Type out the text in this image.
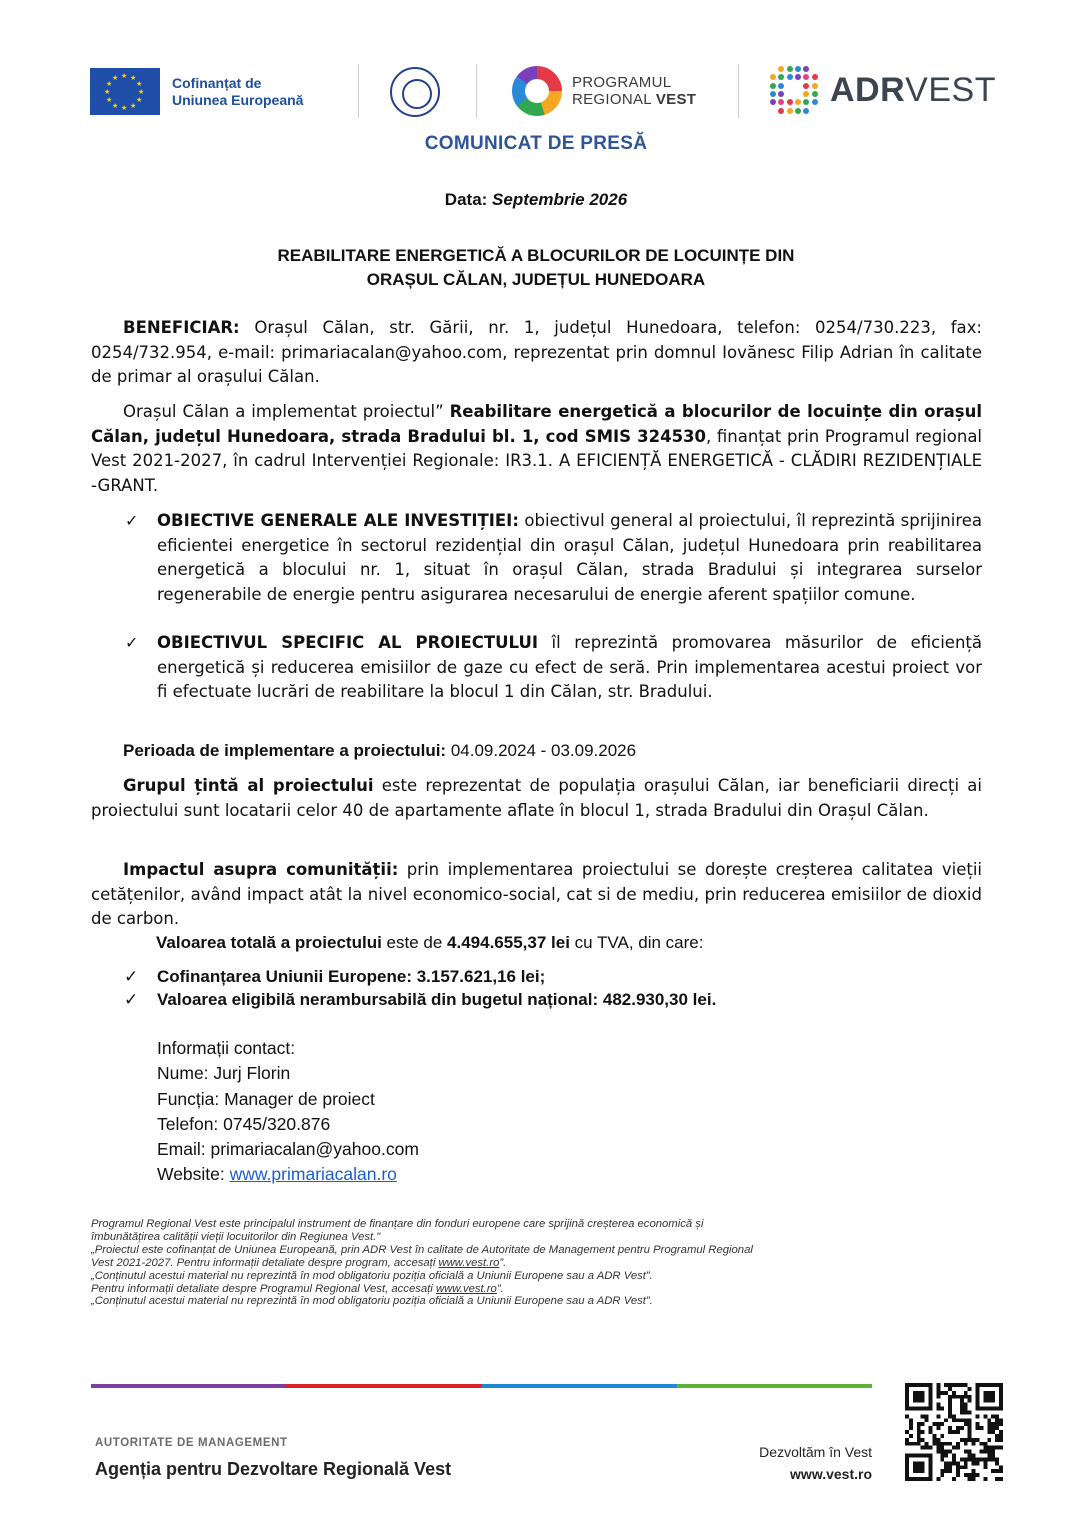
★ ★
★
★
★
★
★
★
★
★
★
★	Cofinanțat de
Uniunea Europeană
PROGRAMUL
REGIONAL VEST	ADRVEST
COMUNICAT DE PRESĂ
Data: Septembrie 2026
REABILITARE ENERGETICĂ A BLOCURILOR DE LOCUINȚE DIN
ORAȘUL CĂLAN, JUDEȚUL HUNEDOARA

BENEFICIAR: Orașul Călan, str. Gării, nr. 1, județul Hunedoara, telefon: 0254/730.223, fax: 0254/732.954, e-mail: primariacalan@yahoo.com, reprezentat prin domnul Iovănesc Filip Adrian în calitate de primar al orașului Călan.

Orașul Călan a implementat proiectul” Reabilitare energetică a blocurilor de locuințe din orașul Călan, județul Hunedoara, strada Bradului bl. 1, cod SMIS 324530, finanțat prin Programul regional Vest 2021-2027, în cadrul Intervenției Regionale: IR3.1. A EFICIENȚĂ ENERGETICĂ - CLĂDIRI REZIDENȚIALE -GRANT.

✓ OBIECTIVE GENERALE ALE INVESTIȚIEI: obiectivul general al proiectului, îl reprezintă sprijinirea eficientei energetice în sectorul rezidențial din orașul Călan, județul Hunedoara prin reabilitarea energetică a blocului nr. 1, situat în orașul Călan, strada Bradului și integrarea surselor regenerabile de energie pentru asigurarea necesarului de energie aferent spațiilor comune.
✓ OBIECTIVUL SPECIFIC AL PROIECTULUI îl reprezintă promovarea măsurilor de eficiență energetică și reducerea emisiilor de gaze cu efect de seră. Prin implementarea acestui proiect vor fi efectuate lucrări de reabilitare la blocul 1 din Călan, str. Bradului.
Perioada de implementare a proiectului: 04.09.2024 - 03.09.2026

Grupul țintă al proiectului este reprezentat de populația orașului Călan, iar beneficiarii direcți ai proiectului sunt locatarii celor 40 de apartamente aflate în blocul 1, strada Bradului din Orașul Călan.

Impactul asupra comunității: prin implementarea proiectului se dorește creșterea calitatea vieții cetățenilor, având impact atât la nivel economico-social, cat si de mediu, prin reducerea emisiilor de dioxid de carbon.

Valoarea totală a proiectului este de 4.494.655,37 lei cu TVA, din care:
✓ Cofinanțarea Uniunii Europene: 3.157.621,16 lei;
✓ Valoarea eligibilă nerambursabilă din bugetul național: 482.930,30 lei.
Informații contact:
Nume: Jurj Florin
Funcția: Manager de proiect
Telefon: 0745/320.876
Email: primariacalan@yahoo.com
Website: www.primariacalan.ro
Programul Regional Vest este principalul instrument de finanțare din fonduri europene care sprijină creșterea economică și
îmbunătățirea calității vieții locuitorilor din Regiunea Vest."
„Proiectul este cofinanțat de Uniunea Europeană, prin ADR Vest în calitate de Autoritate de Management pentru Programul Regional
Vest 2021-2027. Pentru informații detaliate despre program, accesați www.vest.ro”.
„Conținutul acestui material nu reprezintă în mod obligatoriu poziția oficială a Uniunii Europene sau a ADR Vest”.
Pentru informații detaliate despre Programul Regional Vest, accesați www.vest.ro”.
„Conținutul acestui material nu reprezintă în mod obligatoriu poziția oficială a Uniunii Europene sau a ADR Vest”.
AUTORITATE DE MANAGEMENT
Agenția pentru Dezvoltare Regională Vest
Dezvoltăm în Vest
www.vest.ro
